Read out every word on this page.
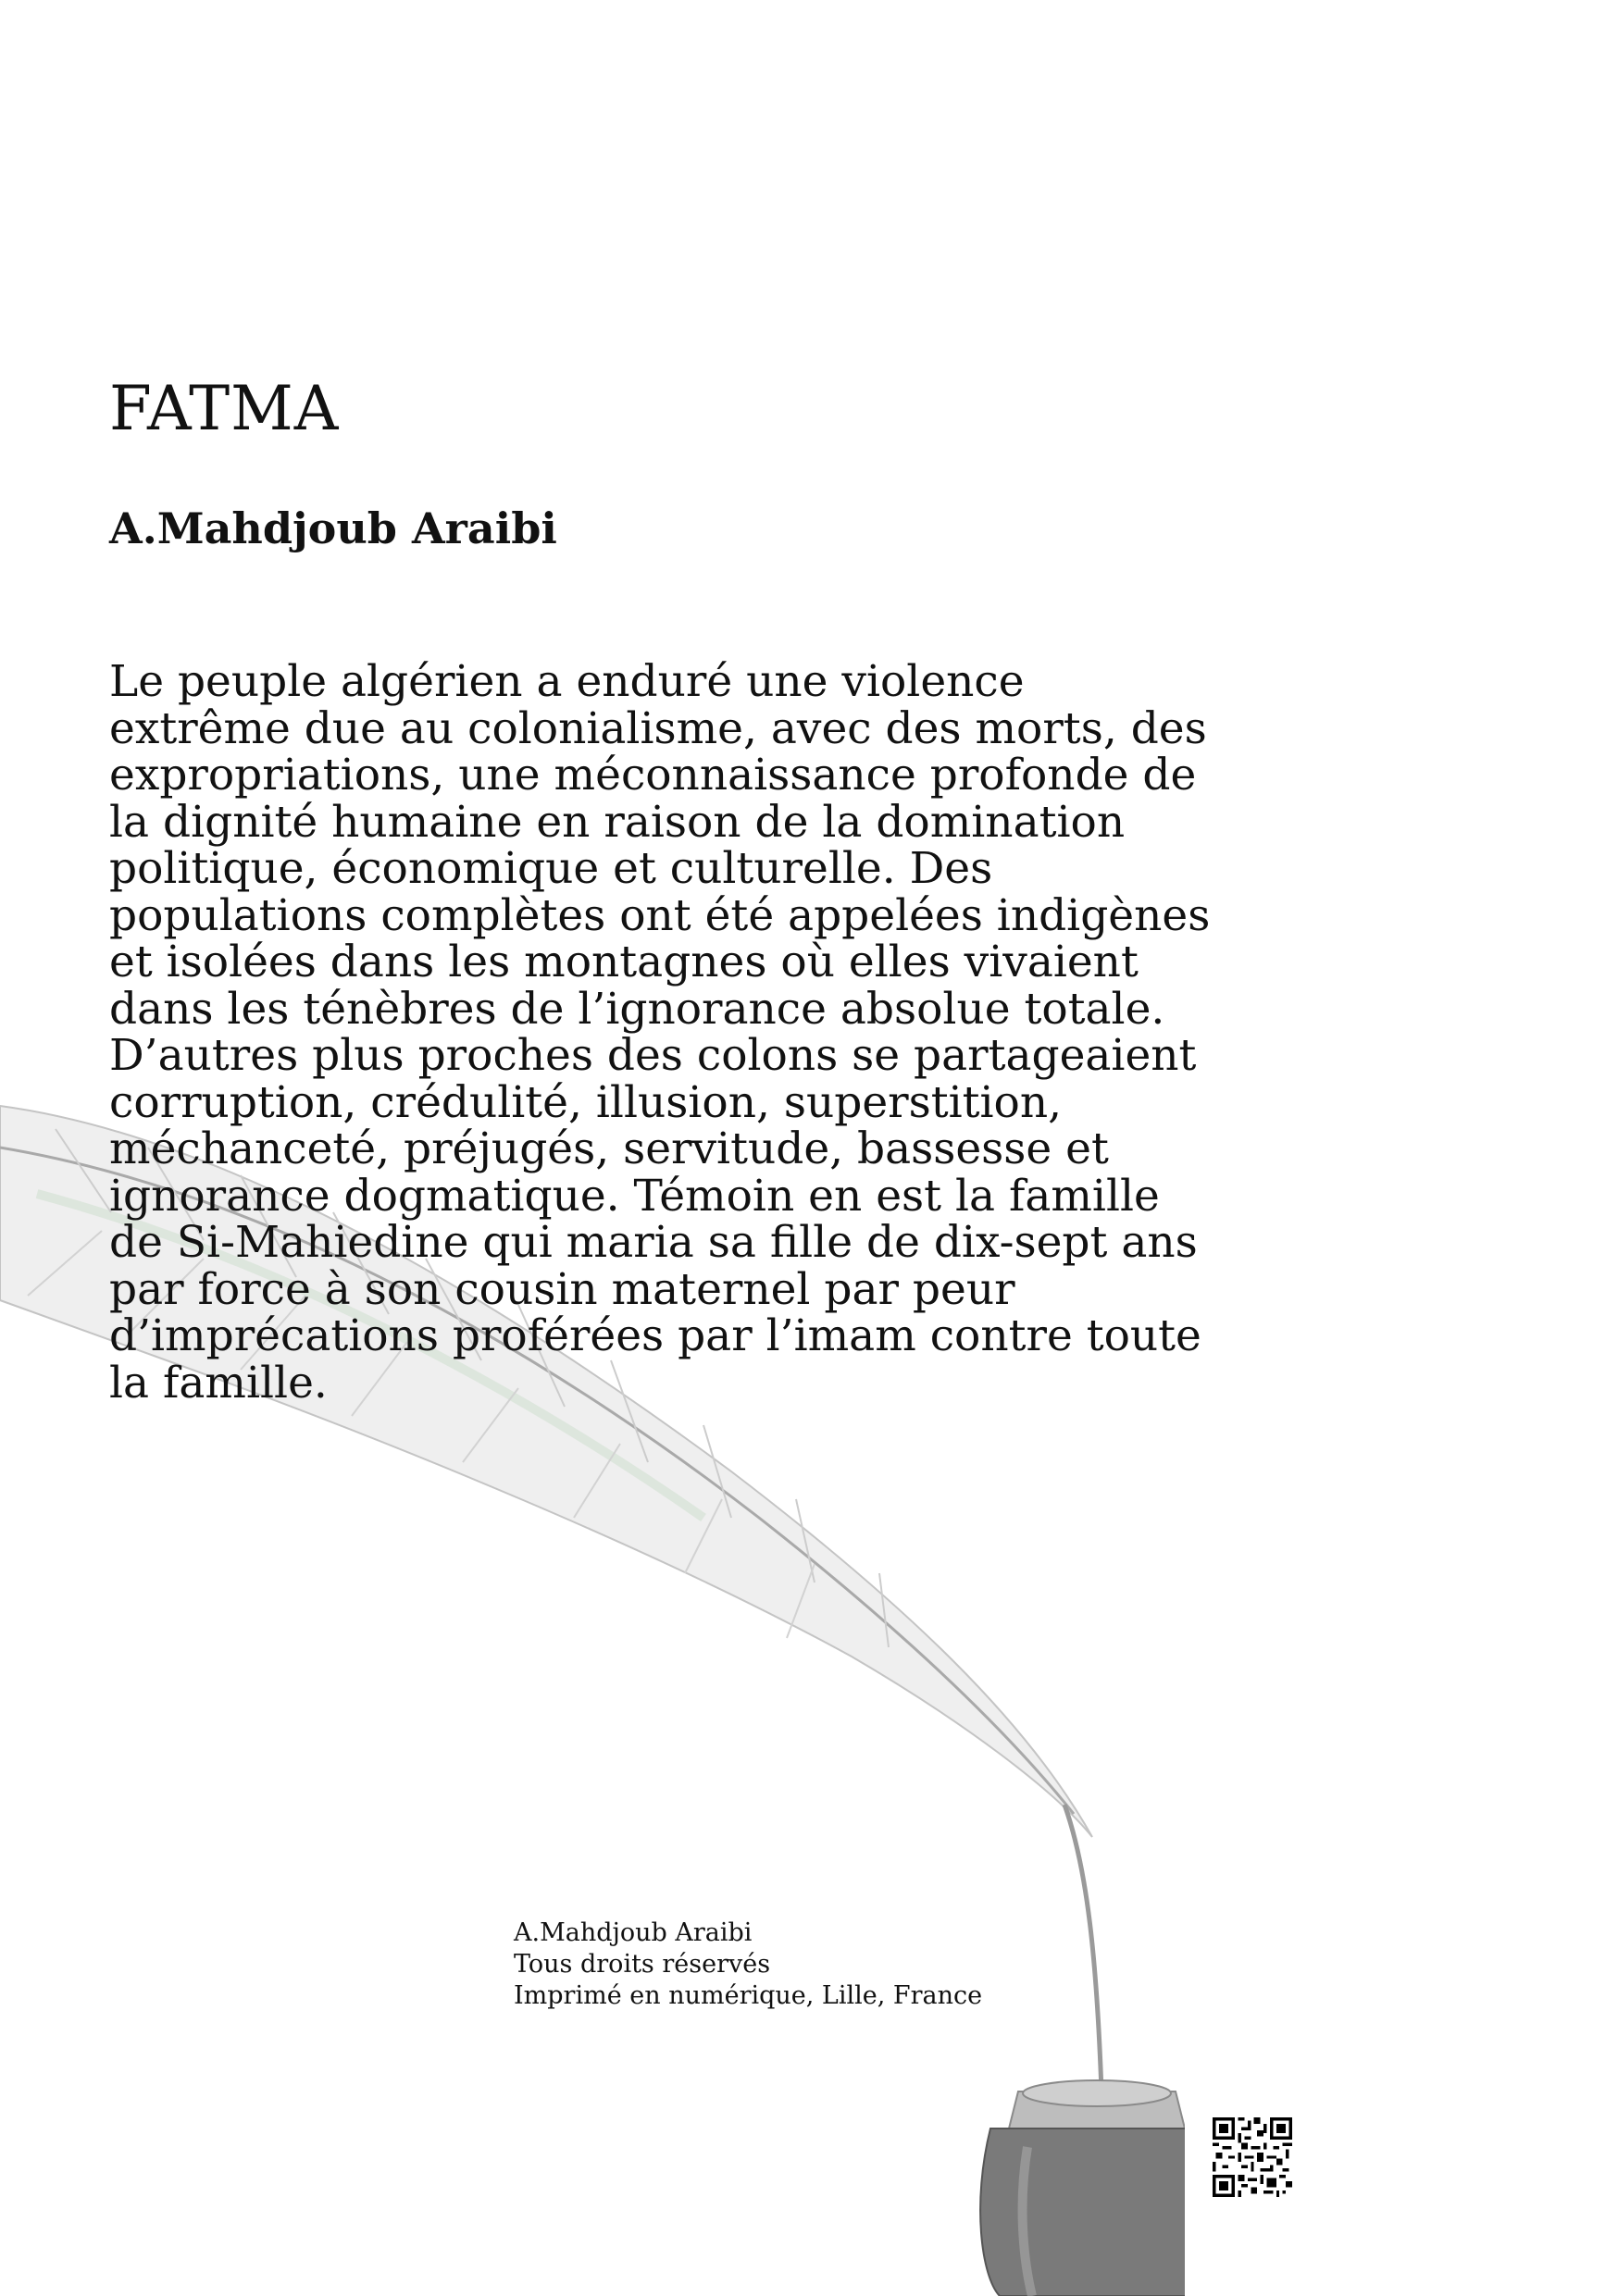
FATMA
A.Mahdjoub Araibi

Le peuple algérien a enduré une violence extrême due au colonialisme, avec des morts, des expropriations, une méconnaissance profonde de la dignité humaine en raison de la domination politique, économique et culturelle. Des populations complètes ont été appelées indigènes et isolées dans les montagnes où elles vivaient dans les ténèbres de l’ignorance absolue totale. D’autres plus proches des colons se partageaient corruption, crédulité, illusion, superstition, méchanceté, préjugés, servitude, bassesse et ignorance dogmatique. Témoin en est la famille de Si-Mahiedine qui maria sa fille de dix-sept ans par force à son cousin maternel par peur d’imprécations proférées par l’imam contre toute la famille.

A.Mahdjoub Araibi
Tous droits réservés
Imprimé en numérique, Lille, France
